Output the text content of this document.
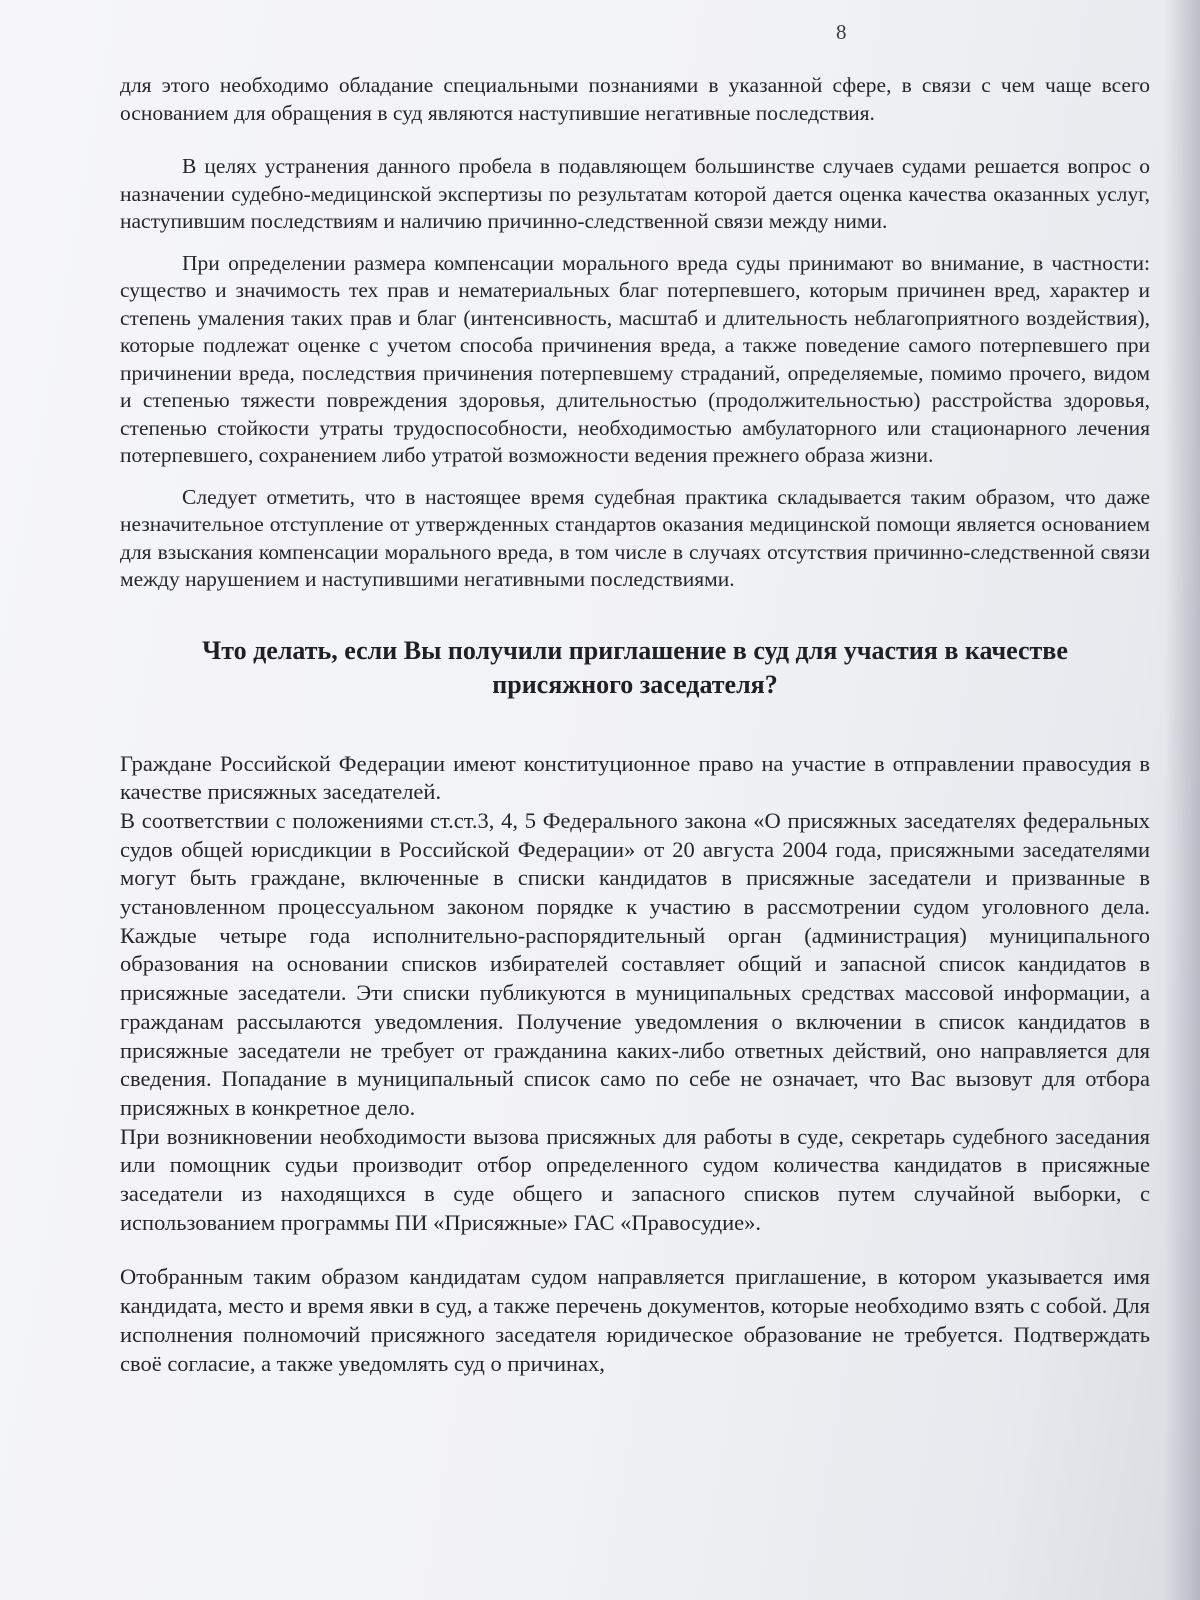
8

для этого необходимо обладание специальными познаниями в указанной сфере, в связи с чем чаще всего основанием для обращения в суд являются наступившие негативные последствия.

В целях устранения данного пробела в подавляющем большинстве случаев судами решается вопрос о назначении судебно-медицинской экспертизы по результатам которой дается оценка качества оказанных услуг, наступившим последствиям и наличию причинно-следственной связи между ними.

При определении размера компенсации морального вреда суды принимают во внимание, в частности: существо и значимость тех прав и нематериальных благ потерпевшего, которым причинен вред, характер и степень умаления таких прав и благ (интенсивность, масштаб и длительность неблагоприятного воздействия), которые подлежат оценке с учетом способа причинения вреда, а также поведение самого потерпевшего при причинении вреда, последствия причинения потерпевшему страданий, определяемые, помимо прочего, видом и степенью тяжести повреждения здоровья, длительностью (продолжительностью) расстройства здоровья, степенью стойкости утраты трудоспособности, необходимостью амбулаторного или стационарного лечения потерпевшего, сохранением либо утратой возможности ведения прежнего образа жизни.

Следует отметить, что в настоящее время судебная практика складывается таким образом, что даже незначительное отступление от утвержденных стандартов оказания медицинской помощи является основанием для взыскания компенсации морального вреда, в том числе в случаях отсутствия причинно-следственной связи между нарушением и наступившими негативными последствиями.

Что делать, если Вы получили приглашение в суд для участия в качестве присяжного заседателя?

Граждане Российской Федерации имеют конституционное право на участие в отправлении правосудия в качестве присяжных заседателей.

В соответствии с положениями ст.ст.3, 4, 5 Федерального закона «О присяжных заседателях федеральных судов общей юрисдикции в Российской Федерации» от 20 августа 2004 года, присяжными заседателями могут быть граждане, включенные в списки кандидатов в присяжные заседатели и призванные в установленном процессуальном законом порядке к участию в рассмотрении судом уголовного дела. Каждые четыре года исполнительно-распорядительный орган (администрация) муниципального образования на основании списков избирателей составляет общий и запасной список кандидатов в присяжные заседатели. Эти списки публикуются в муниципальных средствах массовой информации, а гражданам рассылаются уведомления. Получение уведомления о включении в список кандидатов в присяжные заседатели не требует от гражданина каких-либо ответных действий, оно направляется для сведения. Попадание в муниципальный список само по себе не означает, что Вас вызовут для отбора присяжных в конкретное дело.

При возникновении необходимости вызова присяжных для работы в суде, секретарь судебного заседания или помощник судьи производит отбор определенного судом количества кандидатов в присяжные заседатели из находящихся в суде общего и запасного списков путем случайной выборки, с использованием программы ПИ «Присяжные» ГАС «Правосудие».

Отобранным таким образом кандидатам судом направляется приглашение, в котором указывается имя кандидата, место и время явки в суд, а также перечень документов, которые необходимо взять с собой. Для исполнения полномочий присяжного заседателя юридическое образование не требуется. Подтверждать своё согласие, а также уведомлять суд о причинах,
